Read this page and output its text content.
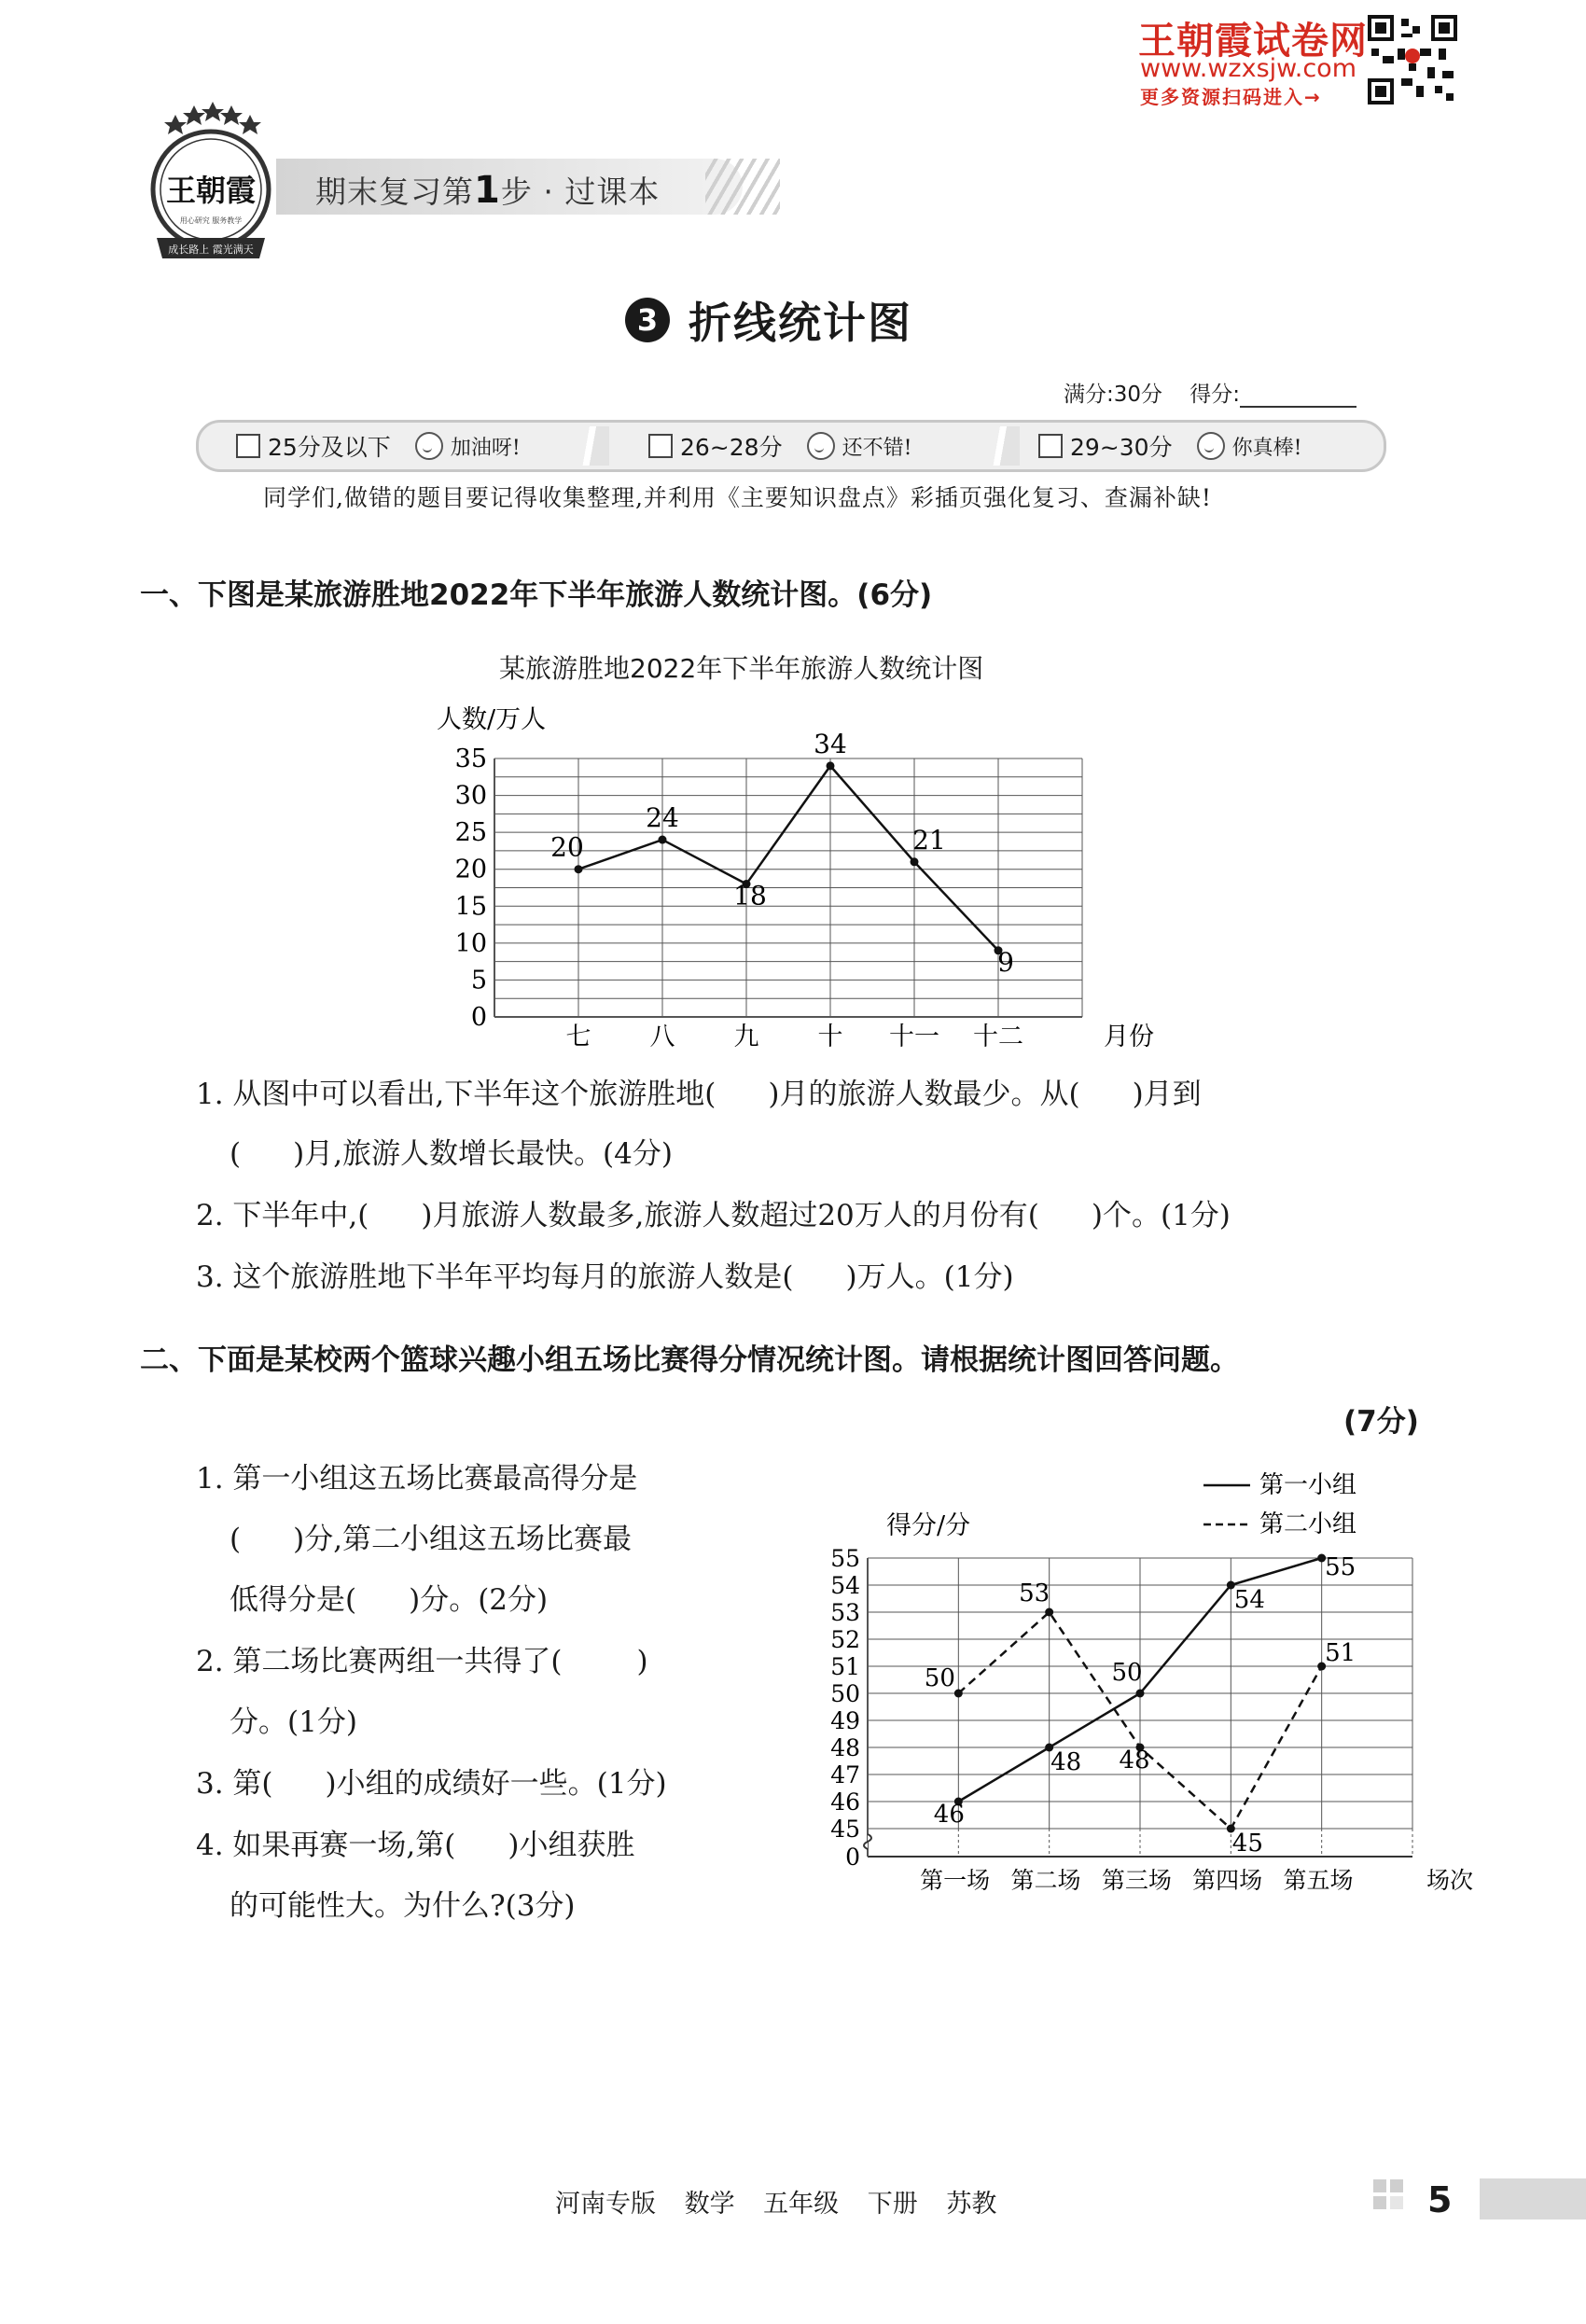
王朝霞试卷网
www.wzxsjw.com
更多资源扫码进入→
王朝霞
用心研究 服务教学
成长路上 霞光满天
期末复习第1步 · 过课本
3 折线统计图
满分:30分 得分:
25分及以下	加油呀!	26~28分	还不错!	29~30分	你真棒!
同学们,做错的题目要记得收集整理,并利用《主要知识盘点》彩插页强化复习、查漏补缺!
一、下图是某旅游胜地2022年下半年旅游人数统计图。(6分)
某旅游胜地2022年下半年旅游人数统计图
0
5
10
15
20
25
30
35
人数/万人
七 八 九 十 十一 十二	月份
20
24
18
34
21
9
1. 从图中可以看出,下半年这个旅游胜地( )月的旅游人数最少。从( )月到
( )月,旅游人数增长最快。(4分)
2. 下半年中,( )月旅游人数最多,旅游人数超过20万人的月份有( )个。(1分)
3. 这个旅游胜地下半年平均每月的旅游人数是( )万人。(1分)
二、下面是某校两个篮球兴趣小组五场比赛得分情况统计图。请根据统计图回答问题。
(7分)
1. 第一小组这五场比赛最高得分是
( )分,第二小组这五场比赛最
低得分是( )分。(2分)
2. 第二场比赛两组一共得了(	)
分。(1分)
3. 第( )小组的成绩好一些。(1分)
4. 如果再赛一场,第( )小组获胜
的可能性大。为什么?(3分)
0
45
46
47
48
49
50
51
52
53
54
55
得分/分
第一场 第二场 第三场 第四场 第五场	场次
第一小组
第二小组
46
48
50
54
55
50
53
48
45
51
河南专版 数学 五年级 下册 苏教	5
